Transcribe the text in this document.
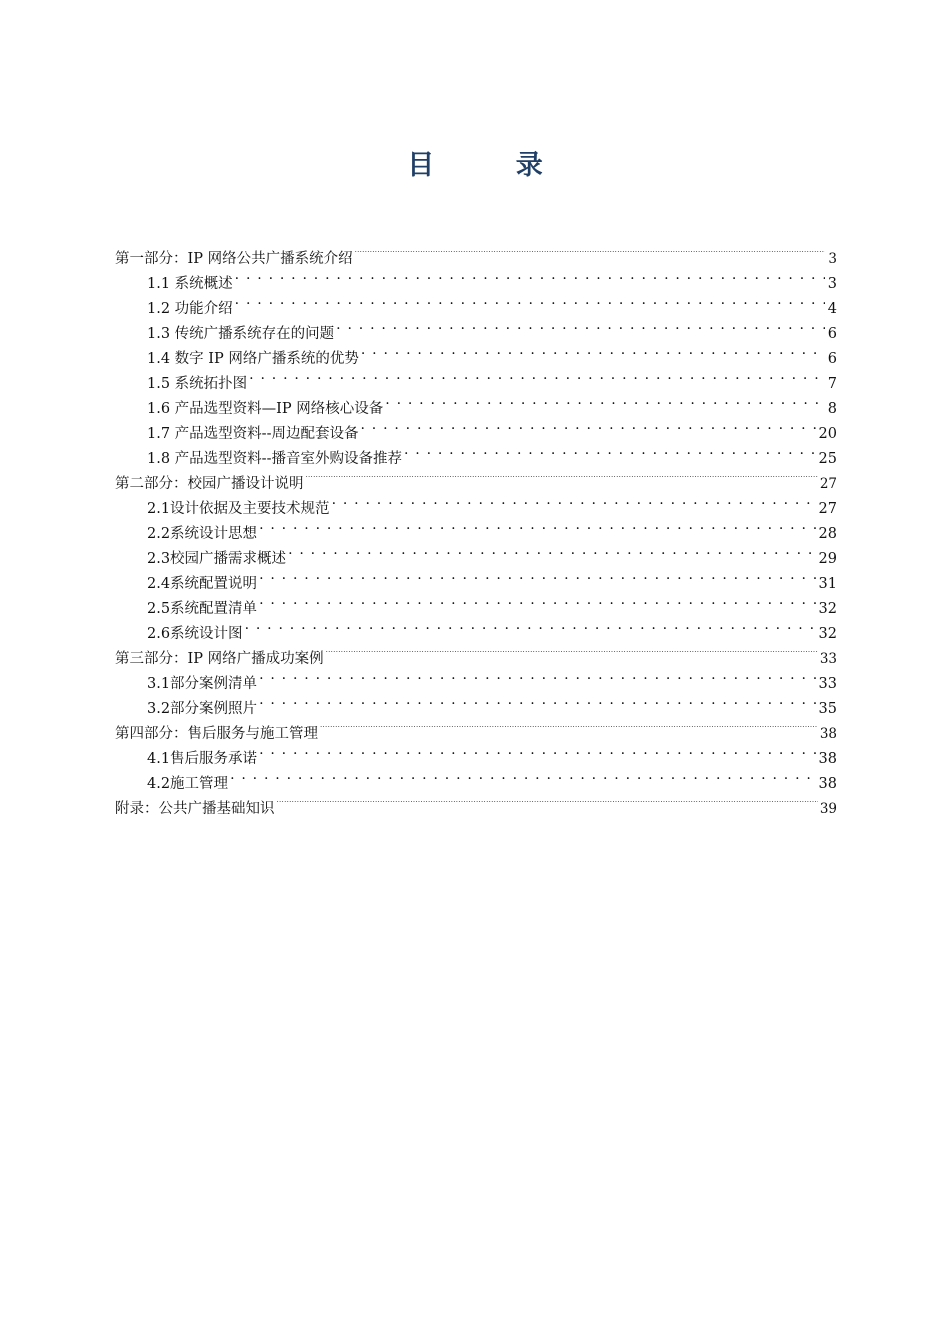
目 录
第一部分：IP 网络公共广播系统介绍 .....	3
1.1 系统概述 . . .	3
1.2 功能介绍 . . .	4
1.3 传统广播系统存在的问题 . . .	6
1.4 数字 IP 网络广播系统的优势 . . .	6
1.5 系统拓扑图 . . .	7
1.6 产品选型资料—IP 网络核心设备 . . .	8
1.7 产品选型资料--周边配套设备 . . .	20
1.8 产品选型资料--播音室外购设备推荐 . . .	25
第二部分：校园广播设计说明 .....	27
2.1设计依据及主要技术规范 . . .	27
2.2系统设计思想 . . .	28
2.3校园广播需求概述 . . .	29
2.4系统配置说明 . . .	31
2.5系统配置清单 . . .	32
2.6系统设计图 . . .	32
第三部分：IP 网络广播成功案例 .....	33
3.1部分案例清单 . . .	33
3.2部分案例照片 . . .	35
第四部分：售后服务与施工管理 .....	38
4.1售后服务承诺 . . .	38
4.2施工管理 . . .	38
附录：公共广播基础知识 .....	39
